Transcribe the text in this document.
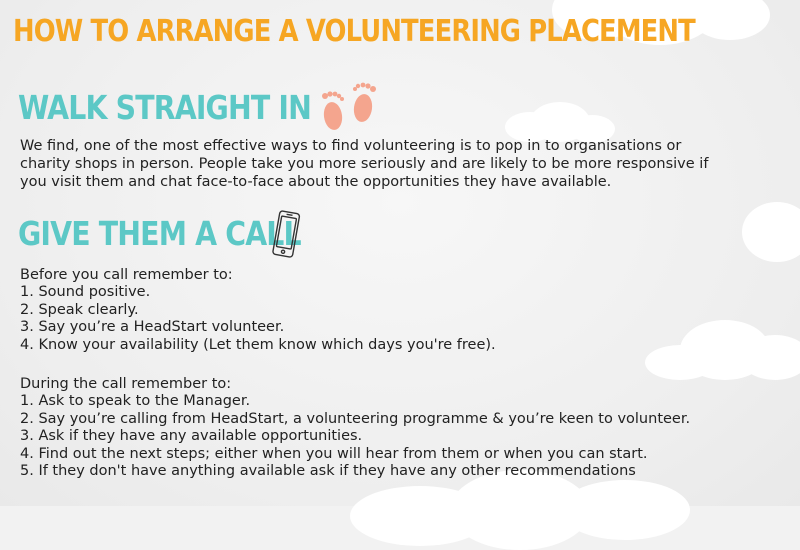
HOW TO ARRANGE A VOLUNTEERING PLACEMENT
WALK STRAIGHT IN

We find, one of the most effective ways to find volunteering is to pop in to organisations or charity shops in person. People take you more seriously and are likely to be more responsive if you visit them and chat face-to-face about the opportunities they have available.

GIVE THEM A CALL

Before you call remember to:

1. Sound positive.
2. Speak clearly.
3. Say you’re a HeadStart volunteer.
4. Know your availability (Let them know which days you're free).

During the call remember to:

1. Ask to speak to the Manager.
2. Say you’re calling from HeadStart, a volunteering programme & you’re keen to volunteer.
3. Ask if they have any available opportunities.
4. Find out the next steps; either when you will hear from them or when you can start.
5. If they don't have anything available ask if they have any other recommendations
